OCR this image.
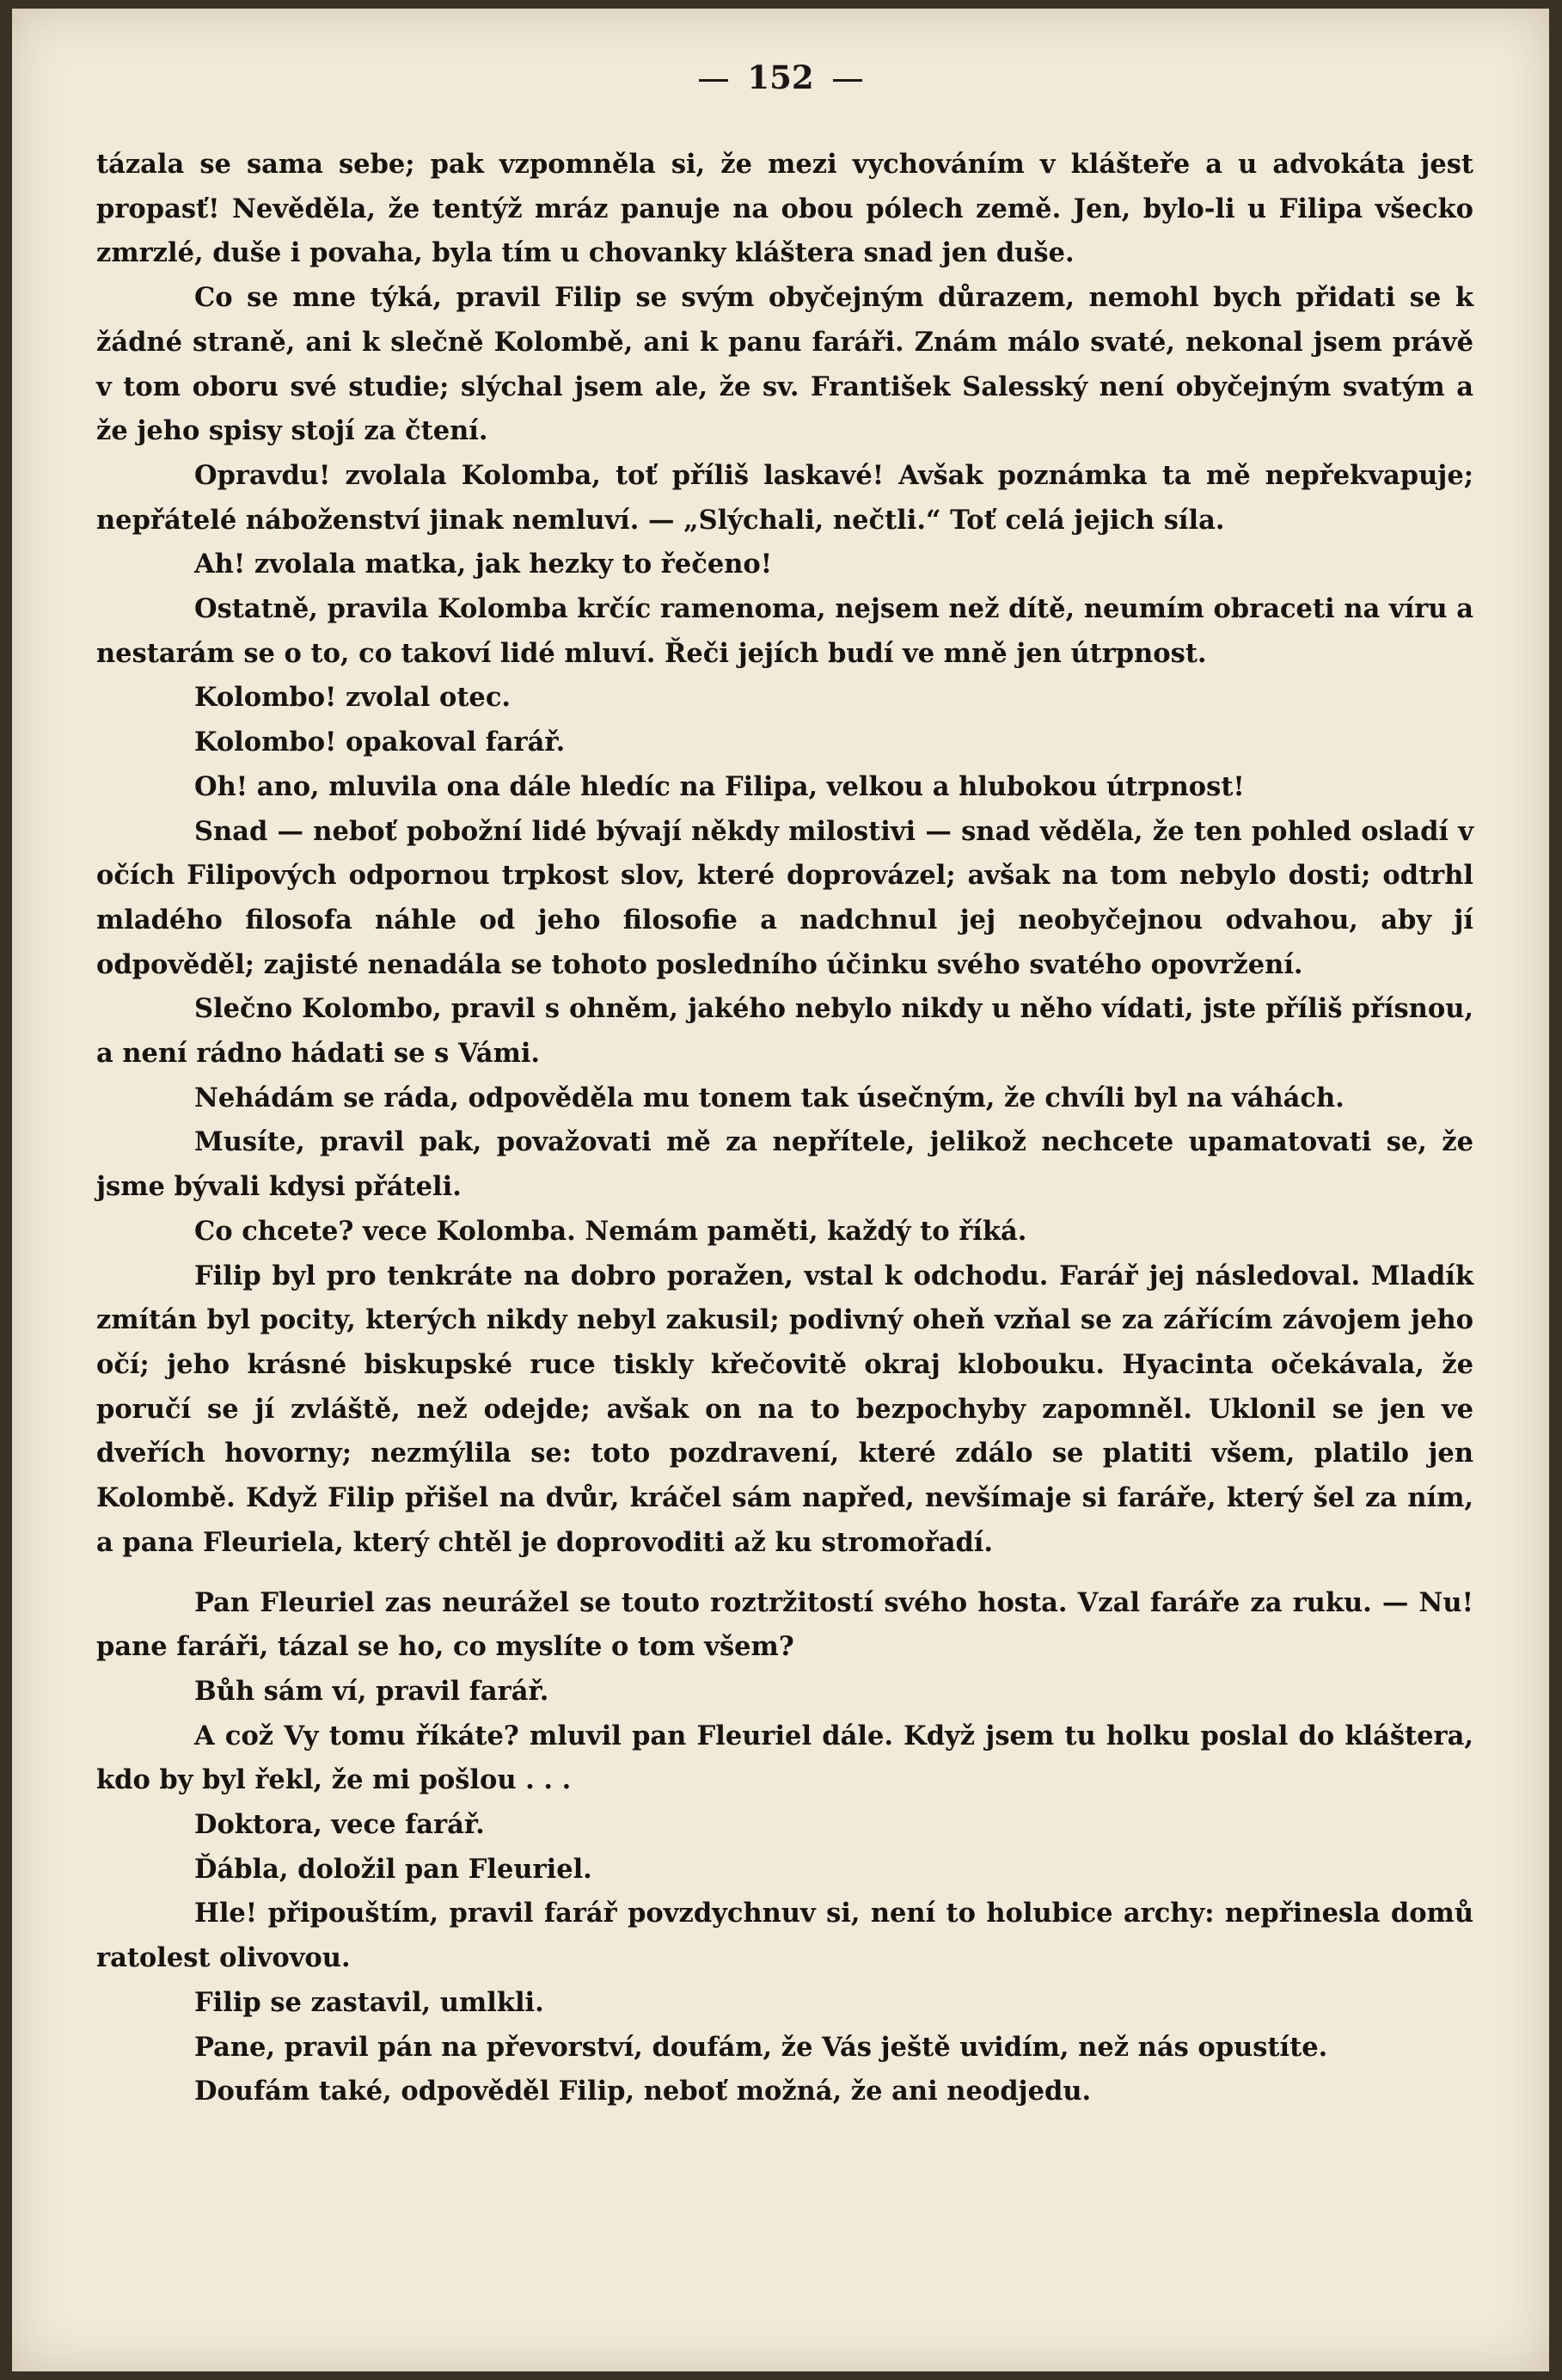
152

tázala se sama sebe; pak vzpomněla si, že mezi vychováním v klášteře a u advokáta jest propasť! Nevěděla, že tentýž mráz panuje na obou pólech země. Jen, bylo-li u Filipa všecko zmrzlé, duše i povaha, byla tím u chovanky kláštera snad jen duše.

Co se mne týká, pravil Filip se svým obyčejným důrazem, nemohl bych přidati se k žádné straně, ani k slečně Kolombě, ani k panu faráři. Znám málo svaté, nekonal jsem právě v tom oboru své studie; slýchal jsem ale, že sv. František Salesský není obyčejným svatým a že jeho spisy stojí za čtení.

Opravdu! zvolala Kolomba, toť příliš laskavé! Avšak poznámka ta mě nepřekvapuje; nepřátelé náboženství jinak nemluví. — „Slýchali, nečtli.“ Toť celá jejich síla.

Ah! zvolala matka, jak hezky to řečeno!

Ostatně, pravila Kolomba krčíc ramenoma, nejsem než dítě, neumím obraceti na víru a nestarám se o to, co takoví lidé mluví. Řeči jejích budí ve mně jen útrpnost.

Kolombo! zvolal otec.

Kolombo! opakoval farář.

Oh! ano, mluvila ona dále hledíc na Filipa, velkou a hlubokou útrpnost!

Snad — neboť pobožní lidé bývají někdy milostivi — snad věděla, že ten pohled osladí v očích Filipových odpornou trpkost slov, které doprovázel; avšak na tom nebylo dosti; odtrhl mladého filosofa náhle od jeho filosofie a nadchnul jej neobyčejnou odvahou, aby jí odpověděl; zajisté nenadála se tohoto posledního účinku svého svatého opovržení.

Slečno Kolombo, pravil s ohněm, jakého nebylo nikdy u něho vídati, jste příliš přísnou, a není rádno hádati se s Vámi.

Nehádám se ráda, odpověděla mu tonem tak úsečným, že chvíli byl na váhách.

Musíte, pravil pak, považovati mě za nepřítele, jelikož nechcete upamatovati se, že jsme bývali kdysi přáteli.

Co chcete? vece Kolomba. Nemám paměti, každý to říká.

Filip byl pro tenkráte na dobro poražen, vstal k odchodu. Farář jej následoval. Mladík zmítán byl pocity, kterých nikdy nebyl zakusil; podivný oheň vzňal se za zářícím závojem jeho očí; jeho krásné biskupské ruce tiskly křečovitě okraj klobouku. Hyacinta očekávala, že poručí se jí zvláště, než odejde; avšak on na to bezpochyby zapomněl. Uklonil se jen ve dveřích hovorny; nezmýlila se: toto pozdravení, které zdálo se platiti všem, platilo jen Kolombě. Když Filip přišel na dvůr, kráčel sám napřed, nevšímaje si faráře, který šel za ním, a pana Fleuriela, který chtěl je doprovoditi až ku stromořadí.

Pan Fleuriel zas neurážel se touto roztržitostí svého hosta. Vzal faráře za ruku. — Nu! pane faráři, tázal se ho, co myslíte o tom všem?

Bůh sám ví, pravil farář.

A což Vy tomu říkáte? mluvil pan Fleuriel dále. Když jsem tu holku poslal do kláštera, kdo by byl řekl, že mi pošlou . . .

Doktora, vece farář.

Ďábla, doložil pan Fleuriel.

Hle! připouštím, pravil farář povzdychnuv si, není to holubice archy: nepřinesla domů ratolest olivovou.

Filip se zastavil, umlkli.

Pane, pravil pán na převorství, doufám, že Vás ještě uvidím, než nás opustíte.

Doufám také, odpověděl Filip, neboť možná, že ani neodjedu.
